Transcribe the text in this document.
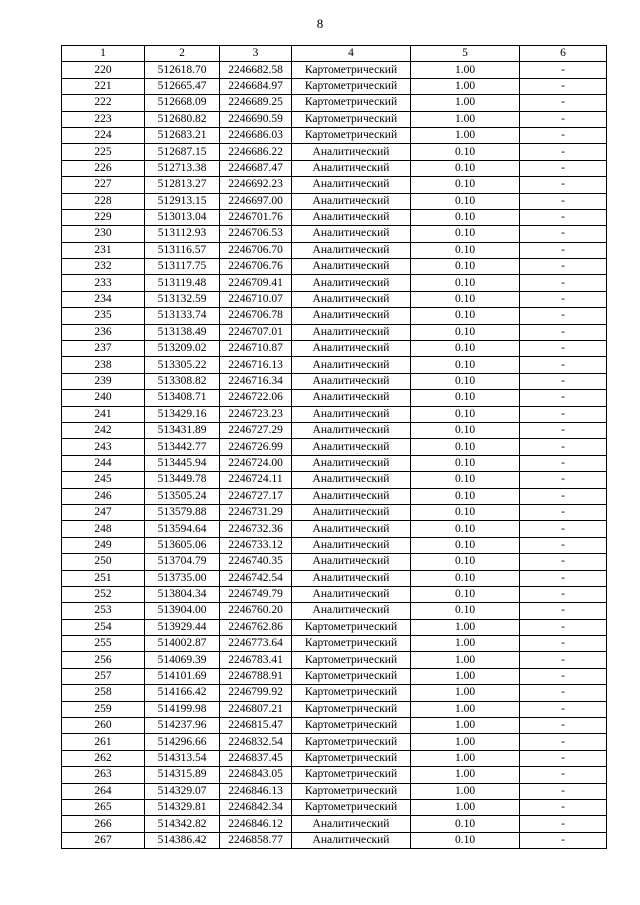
8
1	2	3	4	5	6
220	512618.70	2246682.58	Картометрический	1.00	-
221	512665.47	2246684.97	Картометрический	1.00	-
222	512668.09	2246689.25	Картометрический	1.00	-
223	512680.82	2246690.59	Картометрический	1.00	-
224	512683.21	2246686.03	Картометрический	1.00	-
225	512687.15	2246686.22	Аналитический	0.10	-
226	512713.38	2246687.47	Аналитический	0.10	-
227	512813.27	2246692.23	Аналитический	0.10	-
228	512913.15	2246697.00	Аналитический	0.10	-
229	513013.04	2246701.76	Аналитический	0.10	-
230	513112.93	2246706.53	Аналитический	0.10	-
231	513116.57	2246706.70	Аналитический	0.10	-
232	513117.75	2246706.76	Аналитический	0.10	-
233	513119.48	2246709.41	Аналитический	0.10	-
234	513132.59	2246710.07	Аналитический	0.10	-
235	513133.74	2246706.78	Аналитический	0.10	-
236	513138.49	2246707.01	Аналитический	0.10	-
237	513209.02	2246710.87	Аналитический	0.10	-
238	513305.22	2246716.13	Аналитический	0.10	-
239	513308.82	2246716.34	Аналитический	0.10	-
240	513408.71	2246722.06	Аналитический	0.10	-
241	513429.16	2246723.23	Аналитический	0.10	-
242	513431.89	2246727.29	Аналитический	0.10	-
243	513442.77	2246726.99	Аналитический	0.10	-
244	513445.94	2246724.00	Аналитический	0.10	-
245	513449.78	2246724.11	Аналитический	0.10	-
246	513505.24	2246727.17	Аналитический	0.10	-
247	513579.88	2246731.29	Аналитический	0.10	-
248	513594.64	2246732.36	Аналитический	0.10	-
249	513605.06	2246733.12	Аналитический	0.10	-
250	513704.79	2246740.35	Аналитический	0.10	-
251	513735.00	2246742.54	Аналитический	0.10	-
252	513804.34	2246749.79	Аналитический	0.10	-
253	513904.00	2246760.20	Аналитический	0.10	-
254	513929.44	2246762.86	Картометрический	1.00	-
255	514002.87	2246773.64	Картометрический	1.00	-
256	514069.39	2246783.41	Картометрический	1.00	-
257	514101.69	2246788.91	Картометрический	1.00	-
258	514166.42	2246799.92	Картометрический	1.00	-
259	514199.98	2246807.21	Картометрический	1.00	-
260	514237.96	2246815.47	Картометрический	1.00	-
261	514296.66	2246832.54	Картометрический	1.00	-
262	514313.54	2246837.45	Картометрический	1.00	-
263	514315.89	2246843.05	Картометрический	1.00	-
264	514329.07	2246846.13	Картометрический	1.00	-
265	514329.81	2246842.34	Картометрический	1.00	-
266	514342.82	2246846.12	Аналитический	0.10	-
267	514386.42	2246858.77	Аналитический	0.10	-
